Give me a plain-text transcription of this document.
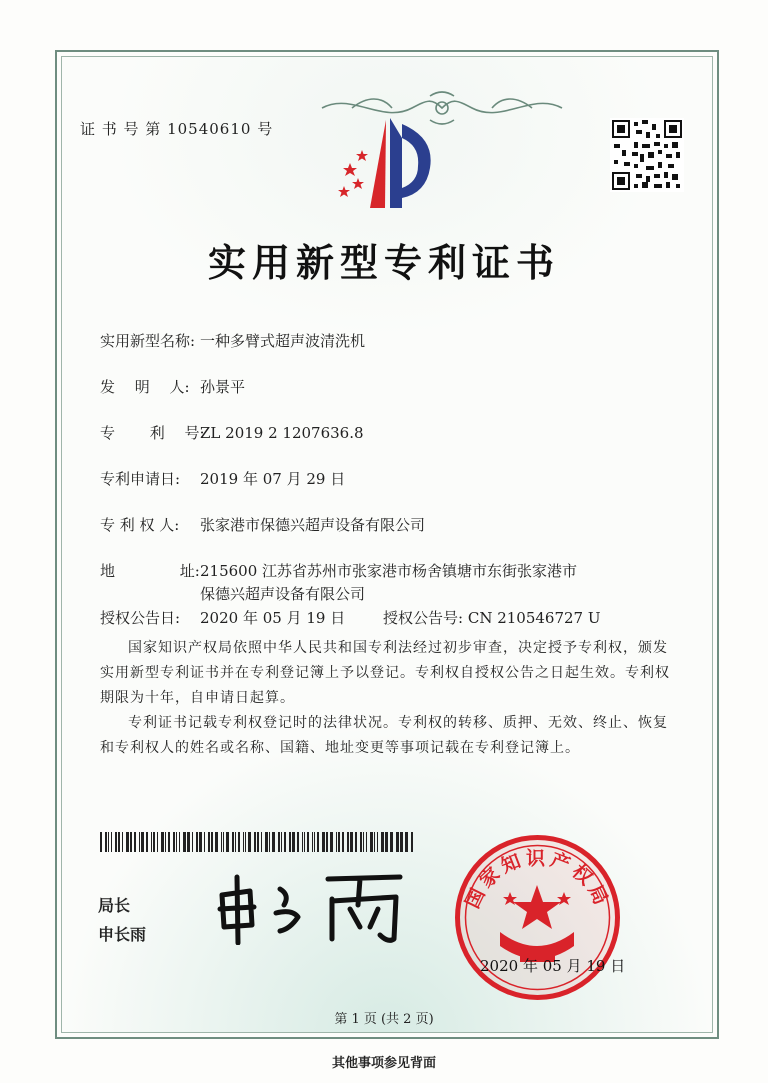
证 书 号 第 10540610 号
实用新型专利证书
实用新型名称: 一种多臂式超声波清洗机
发　 明　 人: 孙景平
专　　 利　 号:ZL 2019 2 1207636.8
专利申请日: 2019 年 07 月 29 日
专 利 权 人: 张家港市保德兴超声设备有限公司
地　　　　 址:215600 江苏省苏州市张家港市杨舍镇塘市东街张家港市
保德兴超声设备有限公司
授权公告日: 2020 年 05 月 19 日	授权公告号: CN 210546727 U
国家知识产权局依照中华人民共和国专利法经过初步审查，决定授予专利权，颁发实用新型专利证书并在专利登记簿上予以登记。专利权自授权公告之日起生效。专利权期限为十年，自申请日起算。
专利证书记载专利权登记时的法律状况。专利权的转移、质押、无效、终止、恢复和专利权人的姓名或名称、国籍、地址变更等事项记载在专利登记簿上。
局长
申长雨
国家知识产权局
2020 年 05 月 19 日
第 1 页 (共 2 页)
其他事项参见背面
